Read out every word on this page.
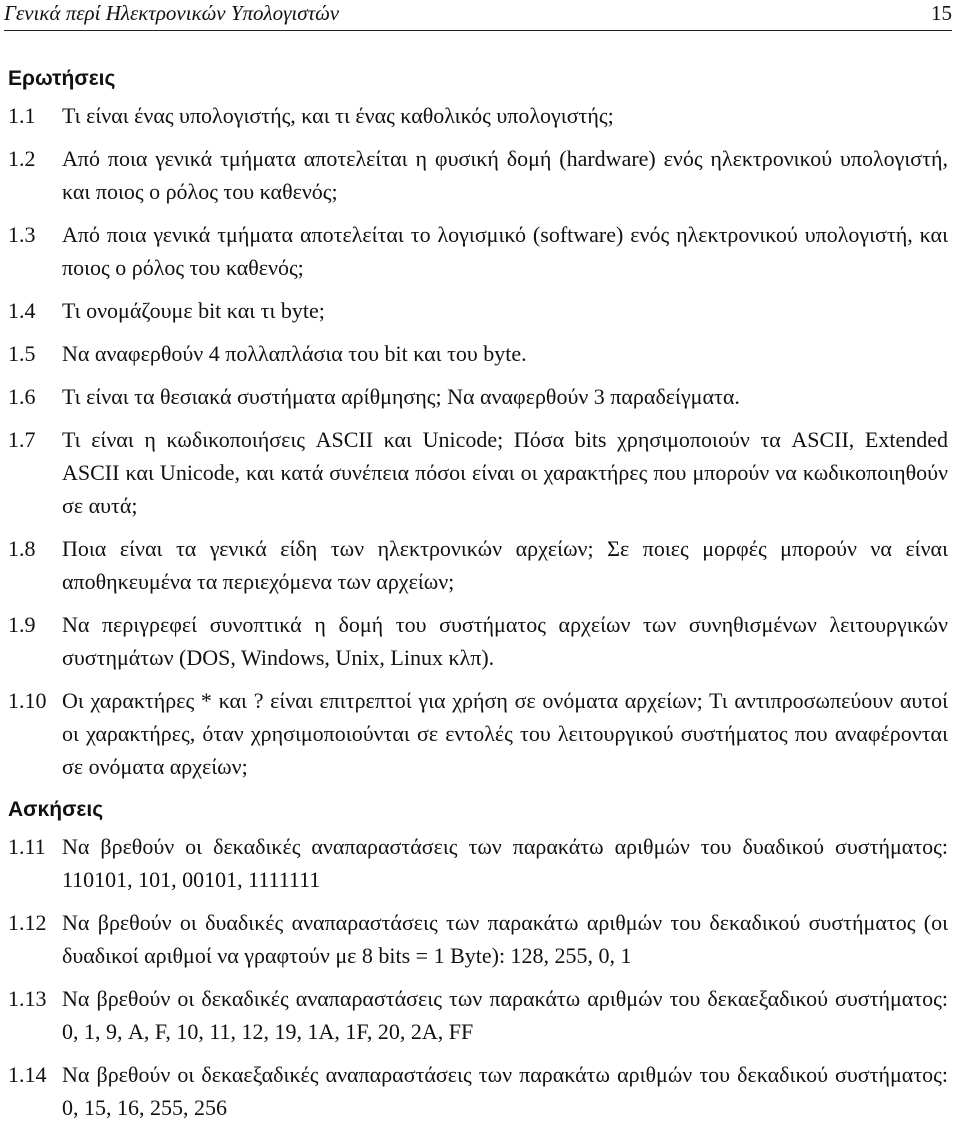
Γενικά περί Ηλεκτρονικών Υπολογιστών	15
Ερωτήσεις
1.1	Τι είναι ένας υπολογιστής, και τι ένας καθολικός υπολογιστής;
1.2	Από ποια γενικά τμήματα αποτελείται η φυσική δομή (hardware) ενός ηλεκτρονικού υπολογιστή, και ποιος ο ρόλος του καθενός;
1.3	Από ποια γενικά τμήματα αποτελείται το λογισμικό (software) ενός ηλεκτρονικού υπολογιστή, και ποιος ο ρόλος του καθενός;
1.4	Τι ονομάζουμε bit και τι byte;
1.5	Να αναφερθούν 4 πολλαπλάσια του bit και του byte.
1.6	Τι είναι τα θεσιακά συστήματα αρίθμησης; Να αναφερθούν 3 παραδείγματα.
1.7	Τι είναι η κωδικοποιήσεις ASCII και Unicode; Πόσα bits χρησιμοποιούν τα ASCII, Extended ASCII και Unicode, και κατά συνέπεια πόσοι είναι οι χαρακτήρες που μπορούν να κωδικοποιηθούν σε αυτά;
1.8	Ποια είναι τα γενικά είδη των ηλεκτρονικών αρχείων; Σε ποιες μορφές μπορούν να είναι αποθηκευμένα τα περιεχόμενα των αρχείων;
1.9	Να περιγρεφεί συνοπτικά η δομή του συστήματος αρχείων των συνηθισμένων λειτουργικών συστημάτων (DOS, Windows, Unix, Linux κλπ).
1.10 Οι χαρακτήρες * και ? είναι επιτρεπτοί για χρήση σε ονόματα αρχείων; Τι αντιπροσωπεύουν αυτοί οι χαρακτήρες, όταν χρησιμοποιούνται σε εντολές του λειτουργικού συστήματος που αναφέρονται σε ονόματα αρχείων;
Ασκήσεις
1.11 Να βρεθούν οι δεκαδικές αναπαραστάσεις των παρακάτω αριθμών του δυαδικού συστήματος: 110101, 101, 00101, 1111111
1.12 Να βρεθούν οι δυαδικές αναπαραστάσεις των παρακάτω αριθμών του δεκαδικού συστήματος (οι δυαδικοί αριθμοί να γραφτούν με 8 bits = 1 Byte): 128, 255, 0, 1
1.13 Να βρεθούν οι δεκαδικές αναπαραστάσεις των παρακάτω αριθμών του δεκαεξαδικού συστήματος: 0, 1, 9, A, F, 10, 11, 12, 19, 1A, 1F, 20, 2A, FF
1.14 Να βρεθούν οι δεκαεξαδικές αναπαραστάσεις των παρακάτω αριθμών του δεκαδικού συστήματος: 0, 15, 16, 255, 256
